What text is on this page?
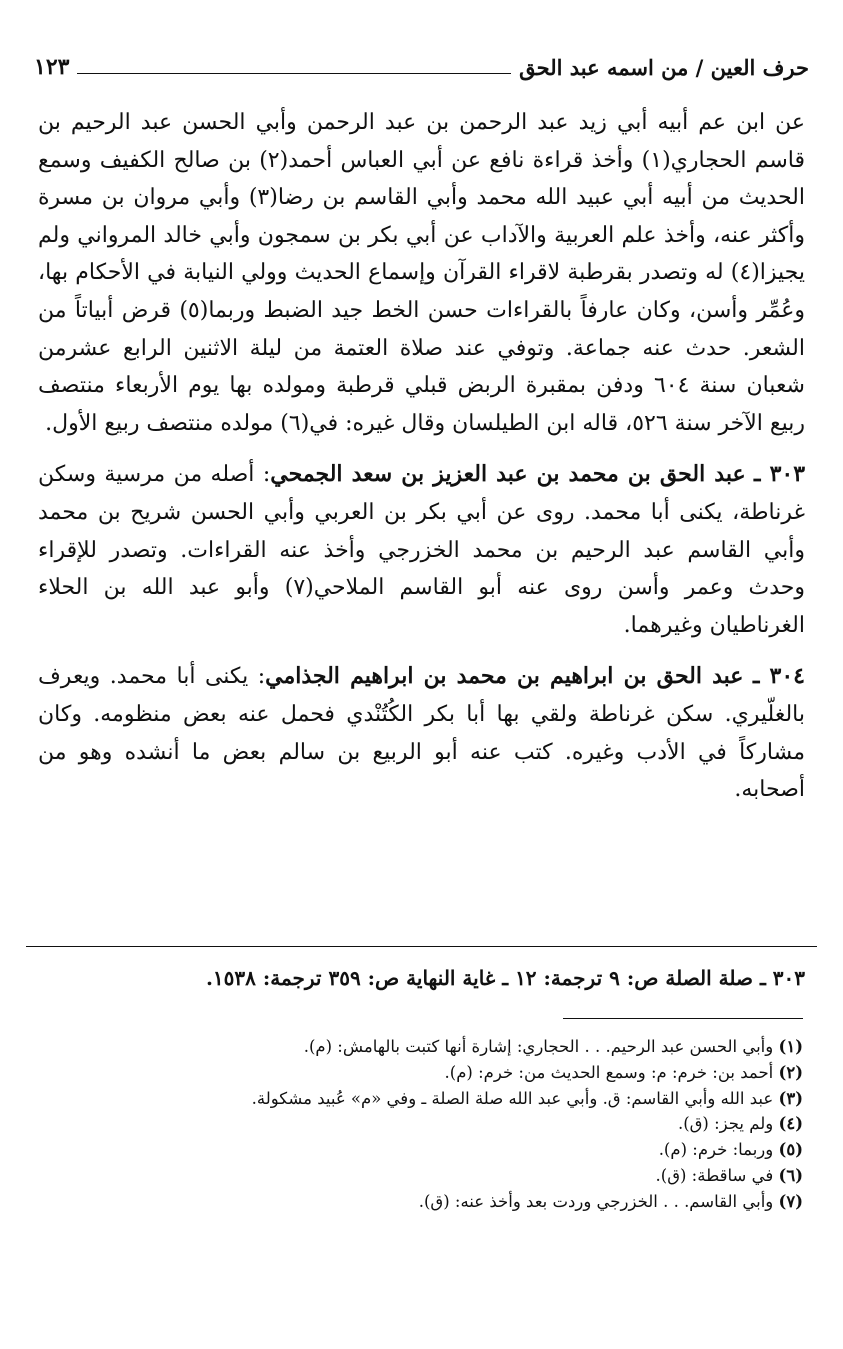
حرف العين / من اسمه عبد الحق
١٢٣

عن ابن عم أبيه أبي زيد عبد الرحمن بن عبد الرحمن وأبي الحسن عبد الرحيم بن قاسم الحجاري(١) وأخذ قراءة نافع عن أبي العباس أحمد(٢) بن صالح الكفيف وسمع الحديث من أبيه أبي عبيد الله محمد وأبي القاسم بن رضا(٣) وأبي مروان بن مسرة وأكثر عنه، وأخذ علم العربية والآداب عن أبي بكر بن سمجون وأبي خالد المرواني ولم يجيزا(٤) له وتصدر بقرطبة لاقراء القرآن وإسماع الحديث وولي النيابة في الأحكام بها، وعُمِّر وأسن، وكان عارفاً بالقراءات حسن الخط جيد الضبط وربما(٥) قرض أبياتاً من الشعر. حدث عنه جماعة. وتوفي عند صلاة العتمة من ليلة الاثنين الرابع عشرمن شعبان سنة ٦٠٤ ودفن بمقبرة الربض قبلي قرطبة ومولده بها يوم الأربعاء منتصف ربيع الآخر سنة ٥٢٦، قاله ابن الطيلسان وقال غيره: في(٦) مولده منتصف ربيع الأول.

٣٠٣ ـ عبد الحق بن محمد بن عبد العزيز بن سعد الجمحي: أصله من مرسية وسكن غرناطة، يكنى أبا محمد. روى عن أبي بكر بن العربي وأبي الحسن شريح بن محمد وأبي القاسم عبد الرحيم بن محمد الخزرجي وأخذ عنه القراءات. وتصدر للإقراء وحدث وعمر وأسن روى عنه أبو القاسم الملاحي(٧) وأبو عبد الله بن الحلاء الغرناطيان وغيرهما.

٣٠٤ ـ عبد الحق بن ابراهيم بن محمد بن ابراهيم الجذامي: يكنى أبا محمد. ويعرف بالغلّيري. سكن غرناطة ولقي بها أبا بكر الكُتُنْدي فحمل عنه بعض منظومه. وكان مشاركاً في الأدب وغيره. كتب عنه أبو الربيع بن سالم بعض ما أنشده وهو من أصحابه.

٣٠٣ ـ صلة الصلة ص: ٩ ترجمة: ١٢ ـ غاية النهاية ص: ٣٥٩ ترجمة: ١٥٣٨.
(١) وأبي الحسن عبد الرحيم. . . الحجاري: إشارة أنها كتبت بالهامش: (م).
(٢) أحمد بن: خرم: م: وسمع الحديث من: خرم: (م).
(٣) عبد الله وأبي القاسم: ق. وأبي عبد الله صلة الصلة ـ وفي «م» عُبيد مشكولة.
(٤) ولم يجز: (ق).
(٥) وربما: خرم: (م).
(٦) في ساقطة: (ق).
(٧) وأبي القاسم. . . الخزرجي وردت بعد وأخذ عنه: (ق).
